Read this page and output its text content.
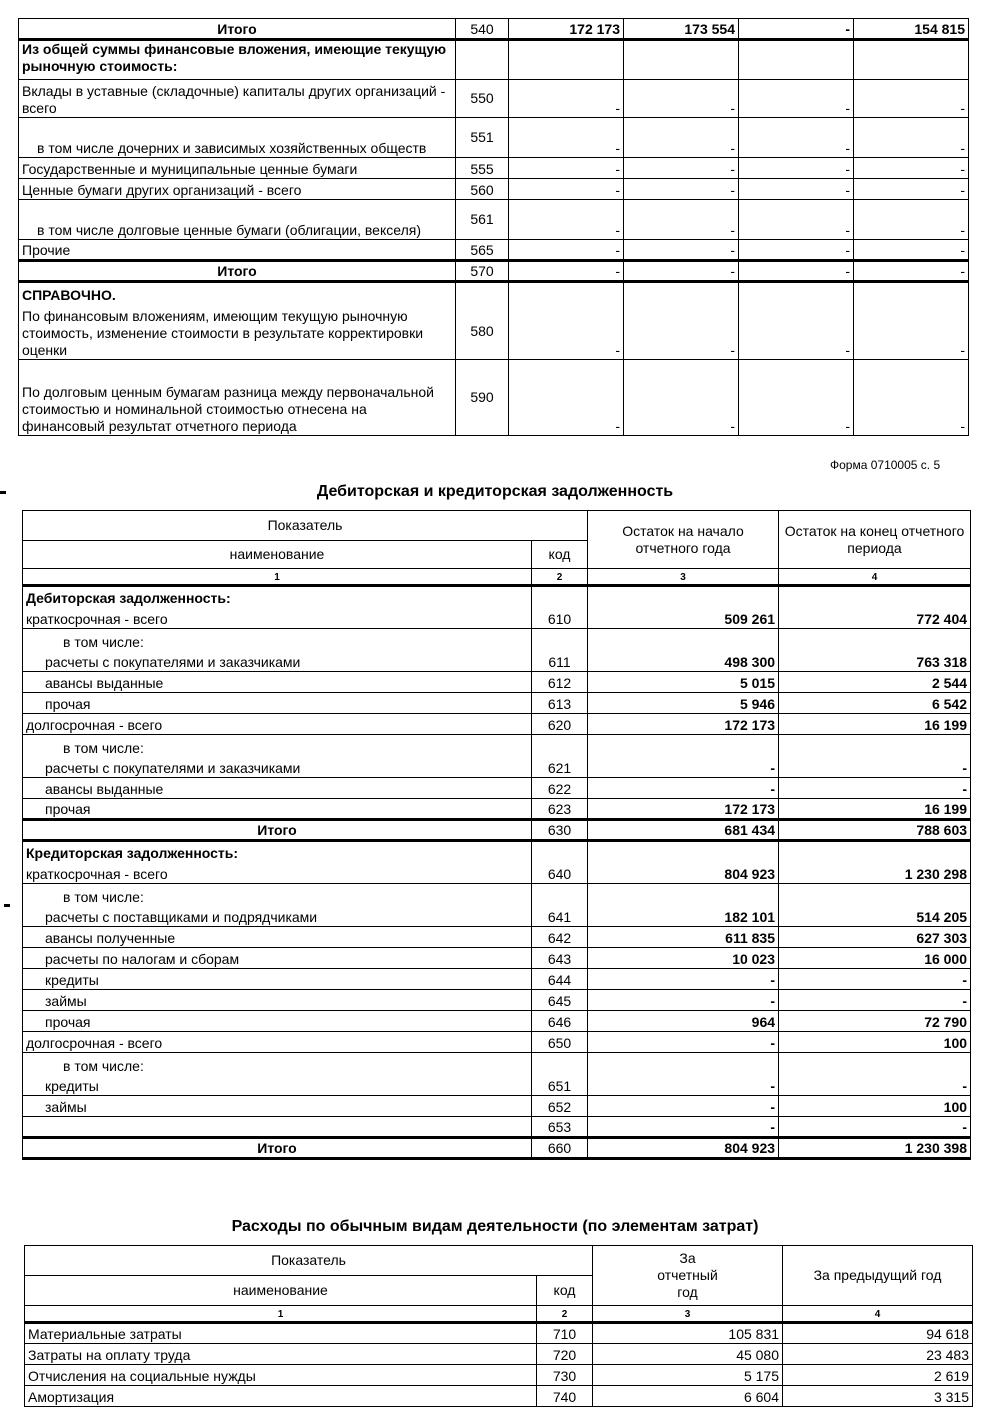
Итого	540	172 173	173 554	-	154 815
Из общей суммы финансовые вложения, имеющие текущую рыночную стоимость:					
Вклады в уставные (складочные) капиталы других организаций - всего	550	-	-	-	-
в том числе дочерних и зависимых хозяйственных обществ	551	-	-	-	-
Государственные и муниципальные ценные бумаги	555	-	-	-	-
Ценные бумаги других организаций - всего	560	-	-	-	-
в том числе долговые ценные бумаги (облигации, векселя)	561	-	-	-	-
Прочие	565	-	-	-	-
Итого	570	-	-	-	-
СПРАВОЧНО.					
По финансовым вложениям, имеющим текущую рыночную стоимость, изменение стоимости в результате корректировки оценки	580	-	-	-	-
По долговым ценным бумагам разница между первоначальной стоимостью и номинальной стоимостью отнесена на финансовый результат отчетного периода	590	-	-	-	-
Форма 0710005 с. 5
Дебиторская и кредиторская задолженность
Показатель		Остаток на начало отчетного года	Остаток на конец отчетного периода
наименование	код		
1	2	3	4
Дебиторская задолженность:			
краткосрочная - всего	610	509 261	772 404
в том числе:			
расчеты с покупателями и заказчиками	611	498 300	763 318
авансы выданные	612	5 015	2 544
прочая	613	5 946	6 542
долгосрочная - всего	620	172 173	16 199
в том числе:			
расчеты с покупателями и заказчиками	621	-	-
авансы выданные	622	-	-
прочая	623	172 173	16 199
Итого	630	681 434	788 603
Кредиторская задолженность:			
краткосрочная - всего	640	804 923	1 230 298
в том числе:			
расчеты с поставщиками и подрядчиками	641	182 101	514 205
авансы полученные	642	611 835	627 303
расчеты по налогам и сборам	643	10 023	16 000
кредиты	644	-	-
займы	645	-	-
прочая	646	964	72 790
долгосрочная - всего	650	-	100
в том числе:			
кредиты	651	-	-
займы	652	-	100
	653	-	-
Итого	660	804 923	1 230 398
Расходы по обычным видам деятельности (по элементам затрат)
Показатель		За отчетный год	За предыдущий год
наименование	код		
1	2	3	4
Материальные затраты	710	105 831	94 618
Затраты на оплату труда	720	45 080	23 483
Отчисления на социальные нужды	730	5 175	2 619
Амортизация	740	6 604	3 315
